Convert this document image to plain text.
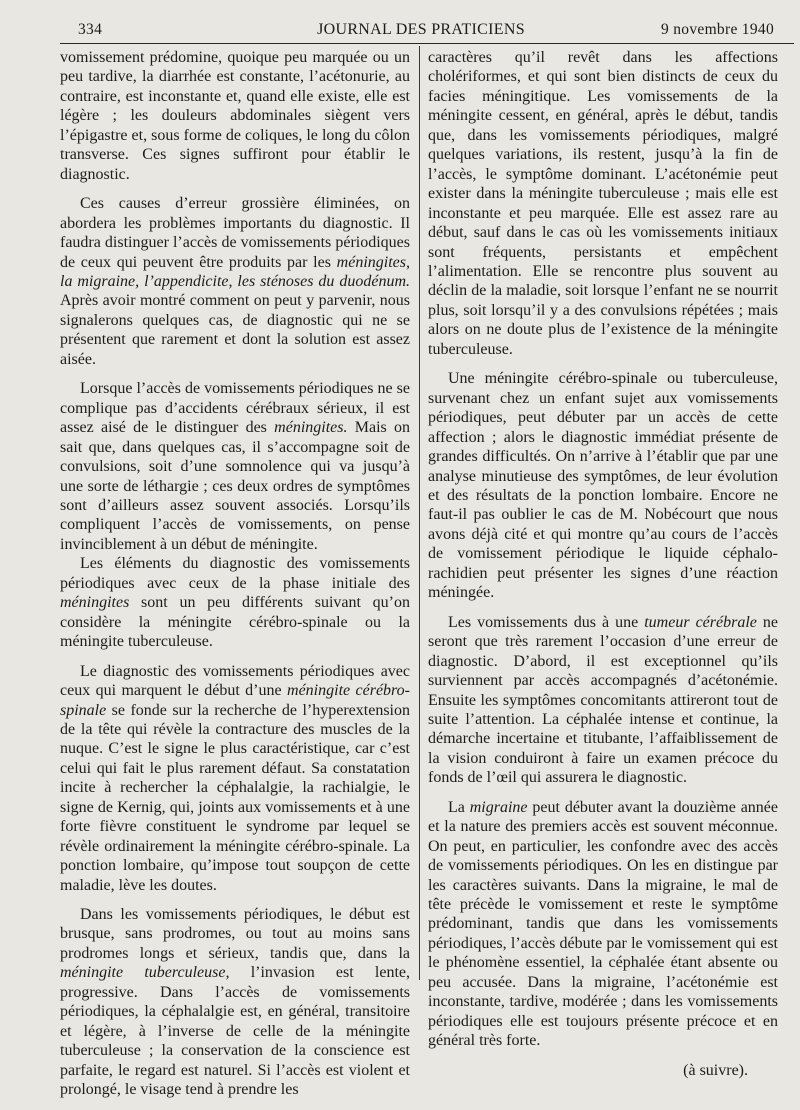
334	JOURNAL DES PRATICIENS	9 novembre 1940

vomissement prédomine, quoique peu marquée ou un peu tardive, la diarrhée est constante, l’acétonurie, au contraire, est inconstante et, quand elle existe, elle est légère ; les douleurs abdominales siègent vers l’épigastre et, sous forme de coliques, le long du côlon transverse. Ces signes suffiront pour établir le diagnostic.

Ces causes d’erreur grossière éliminées, on abordera les problèmes importants du diagnostic. Il faudra distinguer l’accès de vomissements périodiques de ceux qui peuvent être produits par les méningites, la migraine, l’appendicite, les sténoses du duodénum. Après avoir montré comment on peut y parvenir, nous signalerons quelques cas, de diagnostic qui ne se présentent que rarement et dont la solution est assez aisée.

Lorsque l’accès de vomissements périodiques ne se complique pas d’accidents cérébraux sérieux, il est assez aisé de le distinguer des méningites. Mais on sait que, dans quelques cas, il s’accompagne soit de convulsions, soit d’une somnolence qui va jusqu’à une sorte de léthargie ; ces deux ordres de symptômes sont d’ailleurs assez souvent associés. Lorsqu’ils compliquent l’accès de vomissements, on pense invinciblement à un début de méningite.

Les éléments du diagnostic des vomissements périodiques avec ceux de la phase initiale des méningites sont un peu différents suivant qu’on considère la méningite cérébro-spinale ou la méningite tuberculeuse.

Le diagnostic des vomissements périodiques avec ceux qui marquent le début d’une méningite cérébro-spinale se fonde sur la recherche de l’hyperextension de la tête qui révèle la contracture des muscles de la nuque. C’est le signe le plus caractéristique, car c’est celui qui fait le plus rarement défaut. Sa constatation incite à rechercher la céphalalgie, la rachialgie, le signe de Kernig, qui, joints aux vomissements et à une forte fièvre constituent le syndrome par lequel se révèle ordinairement la méningite cérébro-spinale. La ponction lombaire, qu’impose tout soupçon de cette maladie, lève les doutes.

Dans les vomissements périodiques, le début est brusque, sans prodromes, ou tout au moins sans prodromes longs et sérieux, tandis que, dans la méningite tuberculeuse, l’invasion est lente, progressive. Dans l’accès de vomissements périodiques, la céphalalgie est, en général, transitoire et légère, à l’inverse de celle de la méningite tuberculeuse ; la conservation de la conscience est parfaite, le regard est naturel. Si l’accès est violent et prolongé, le visage tend à prendre les

caractères qu’il revêt dans les affections cholériformes, et qui sont bien distincts de ceux du facies méningitique. Les vomissements de la méningite cessent, en général, après le début, tandis que, dans les vomissements périodiques, malgré quelques variations, ils restent, jusqu’à la fin de l’accès, le symptôme dominant. L’acétonémie peut exister dans la méningite tuberculeuse ; mais elle est inconstante et peu marquée. Elle est assez rare au début, sauf dans le cas où les vomissements initiaux sont fréquents, persistants et empêchent l’alimentation. Elle se rencontre plus souvent au déclin de la maladie, soit lorsque l’enfant ne se nourrit plus, soit lorsqu’il y a des convulsions répétées ; mais alors on ne doute plus de l’existence de la méningite tuberculeuse.

Une méningite cérébro-spinale ou tuberculeuse, survenant chez un enfant sujet aux vomissements périodiques, peut débuter par un accès de cette affection ; alors le diagnostic immédiat présente de grandes difficultés. On n’arrive à l’établir que par une analyse minutieuse des symptômes, de leur évolution et des résultats de la ponction lombaire. Encore ne faut-il pas oublier le cas de M. Nobécourt que nous avons déjà cité et qui montre qu’au cours de l’accès de vomissement périodique le liquide céphalo-rachidien peut présenter les signes d’une réaction méningée.

Les vomissements dus à une tumeur cérébrale ne seront que très rarement l’occasion d’une erreur de diagnostic. D’abord, il est exceptionnel qu’ils surviennent par accès accompagnés d’acétonémie. Ensuite les symptômes concomitants attireront tout de suite l’attention. La céphalée intense et continue, la démarche incertaine et titubante, l’affaiblissement de la vision conduiront à faire un examen précoce du fonds de l’œil qui assurera le diagnostic.

La migraine peut débuter avant la douzième année et la nature des premiers accès est souvent méconnue. On peut, en particulier, les confondre avec des accès de vomissements périodiques. On les en distingue par les caractères suivants. Dans la migraine, le mal de tête précède le vomissement et reste le symptôme prédominant, tandis que dans les vomissements périodiques, l’accès débute par le vomissement qui est le phénomène essentiel, la céphalée étant absente ou peu accusée. Dans la migraine, l’acétonémie est inconstante, tardive, modérée ; dans les vomissements périodiques elle est toujours présente précoce et en général très forte.

(à suivre).
